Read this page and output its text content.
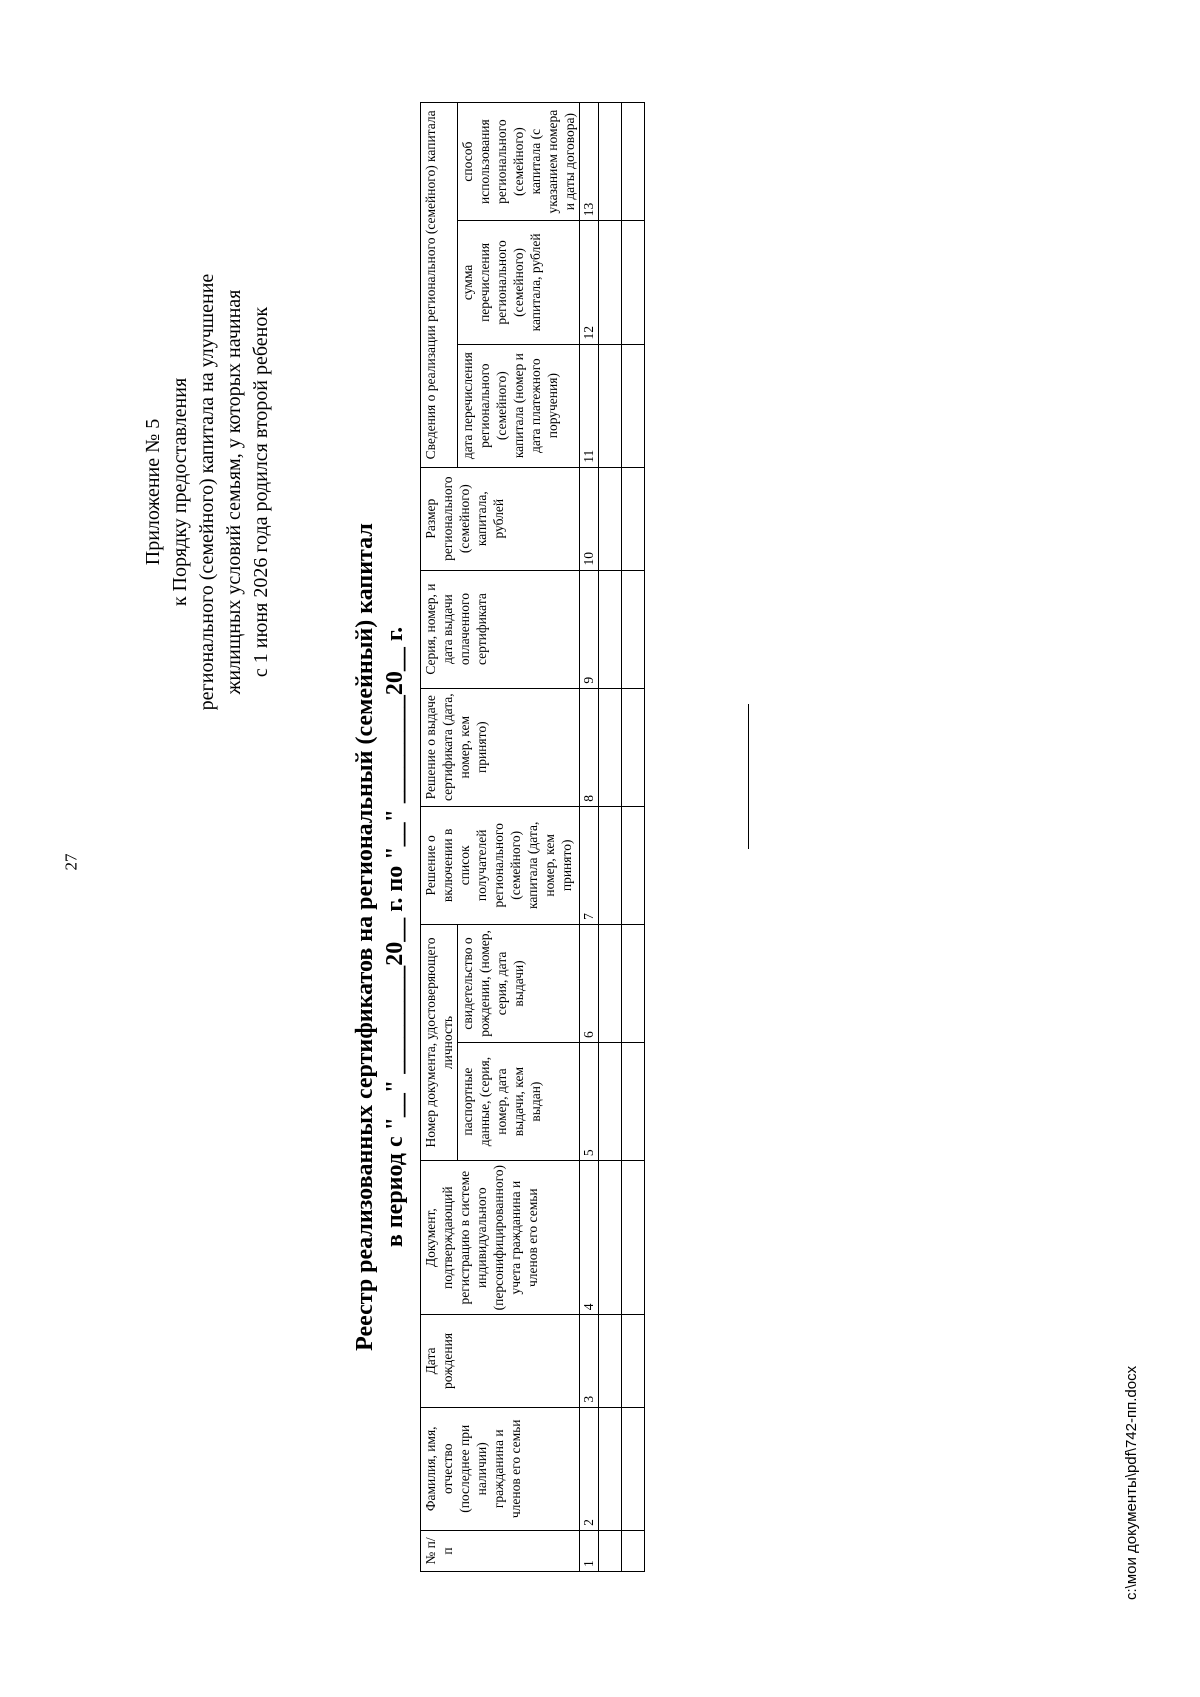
27
c:\мои документы\pdf\742-пп.docx
Приложение № 5 к Порядку предоставления регионального (семейного) капитала на улучшение жилищных условий семьям, у которых начиная с 1 июня 2026 года родился второй ребенок
Реестр реализованных сертификатов на региональный (семейный) капитал в период с "__" _________20__ г. по "__" _________20__ г.
№ п/п	Фамилия, имя, отчество (последнее при наличии) гражданина и членов его семьи	Дата рождения	Документ, подтверждающий регистрацию в системе индивидуального (персонифицированного) учета гражданина и членов его семьи	Номер документа, удостоверяющего личность		Решение о включении в список получателей регионального (семейного) капитала (дата, номер, кем принято)	Решение о выдаче сертификата (дата, номер, кем принято)	Серия, номер, и дата выдачи оплаченного сертификата	Размер регионального (семейного) капитала, рублей	Сведения о реализации регионального (семейного) капитала		
				паспортные данные, (серия, номер, дата выдачи, кем выдан)	свидетельство о рождении, (номер, серия, дата выдачи)					дата перечисления регионального (семейного) капитала (номер и дата платежного поручения)	сумма перечисления регионального (семейного) капитала, рублей	способ использования регионального (семейного) капитала (с указанием номера и даты договора)
1	2	3	4	5	6	7	8	9	10	11	12	13
